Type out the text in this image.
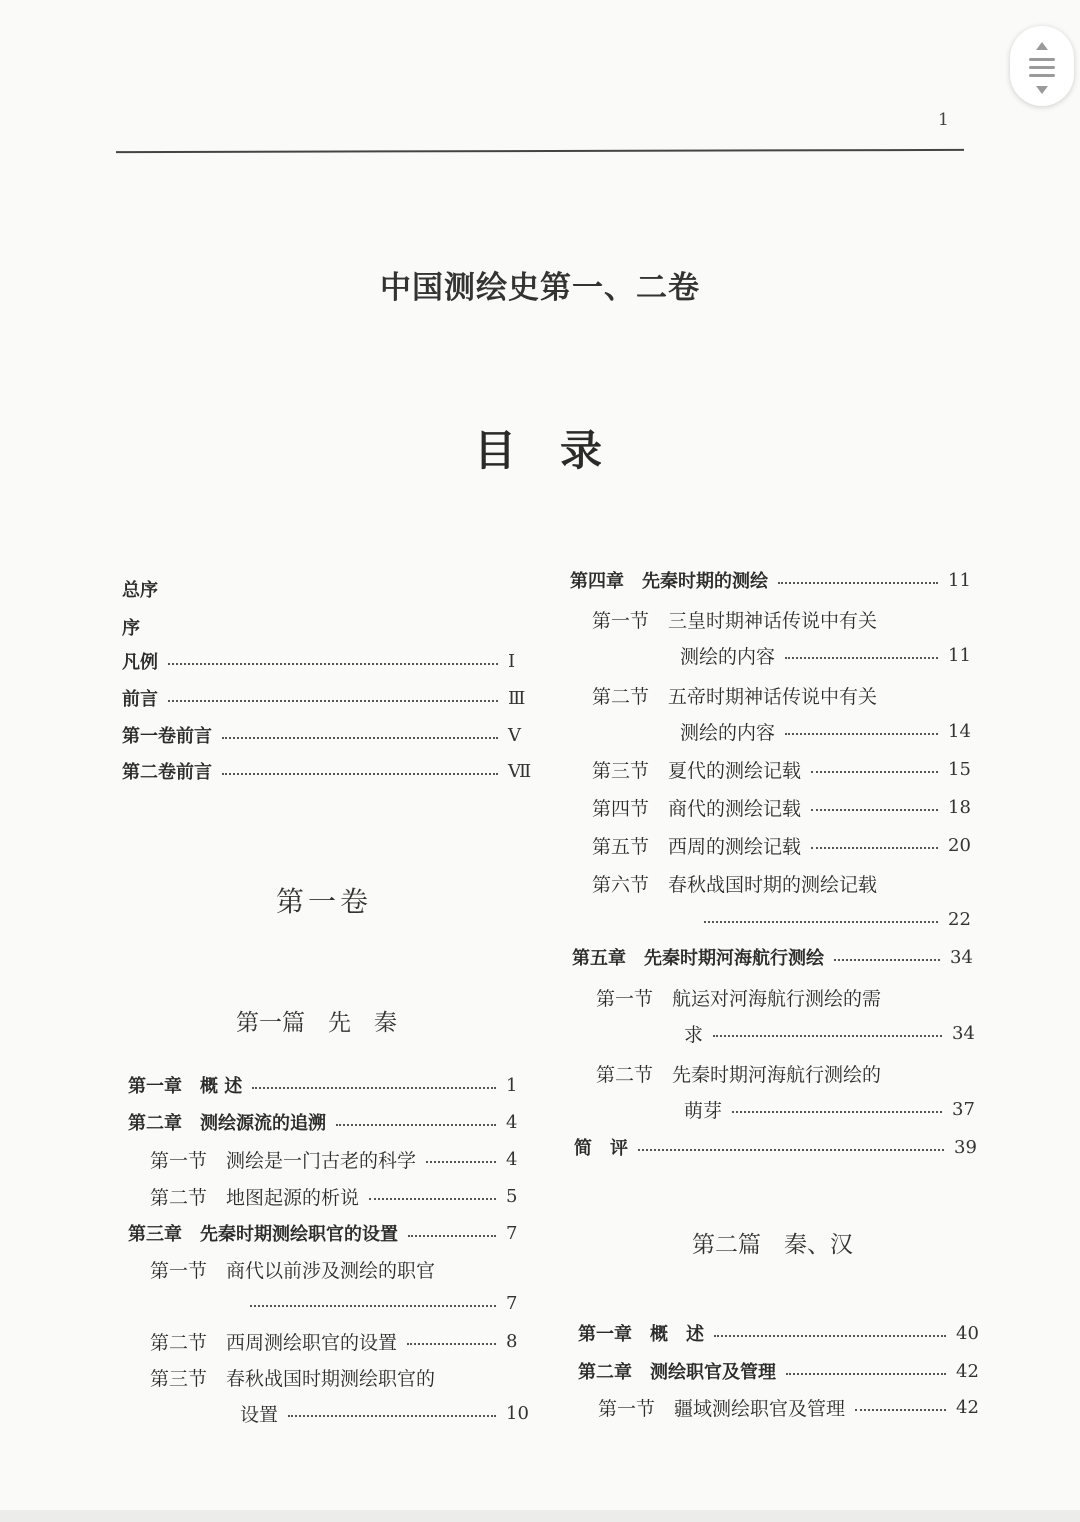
1
中国测绘史第一、二卷
目录
第一卷
第一篇　先　秦
第二篇　秦、汉
总序
序
凡例	Ⅰ
前言	Ⅲ
第一卷前言	Ⅴ
第二卷前言	Ⅶ
第一章　概 述	1
第二章　测绘源流的追溯	4
第一节　测绘是一门古老的科学	4
第二节　地图起源的析说	5
第三章　先秦时期测绘职官的设置	7
第一节　商代以前涉及测绘的职官
7
第二节　西周测绘职官的设置	8
第三节　春秋战国时期测绘职官的
设置	10
第四章　先秦时期的测绘	11
第一节　三皇时期神话传说中有关
测绘的内容	11
第二节　五帝时期神话传说中有关
测绘的内容	14
第三节　夏代的测绘记载	15
第四节　商代的测绘记载	18
第五节　西周的测绘记载	20
第六节　春秋战国时期的测绘记载
22
第五章　先秦时期河海航行测绘	34
第一节　航运对河海航行测绘的需
求	34
第二节　先秦时期河海航行测绘的
萌芽	37
简　评	39
第一章　概　述	40
第二章　测绘职官及管理	42
第一节　疆域测绘职官及管理	42
